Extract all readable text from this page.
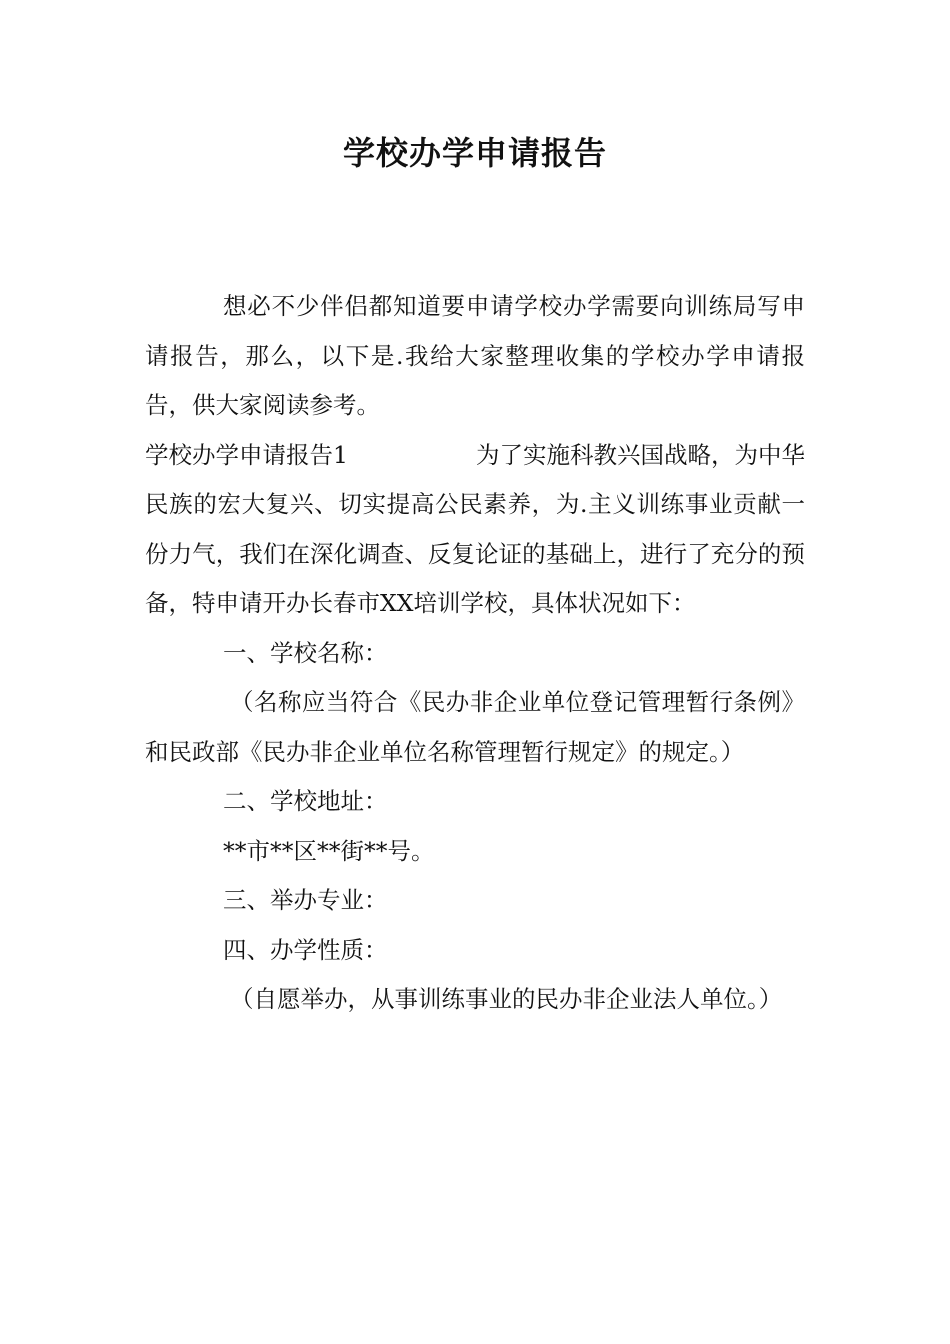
学校办学申请报告

想必不少伴侣都知道要申请学校办学需要向训练局写申请报告，那么，以下是.我给大家整理收集的学校办学申请报告，供大家阅读参考。

学校办学申请报告1	为了实施科教兴国战略，为中华

民族的宏大复兴、切实提高公民素养，为.主义训练事业贡献一份力气，我们在深化调查、反复论证的基础上，进行了充分的预备，特申请开办长春市XX培训学校，具体状况如下：

一、学校名称：

（名称应当符合《民办非企业单位登记管理暂行条例》和民政部《民办非企业单位名称管理暂行规定》的规定。）

二、学校地址：

**市**区**街**号。

三、举办专业：

四、办学性质：

（自愿举办，从事训练事业的民办非企业法人单位。）
